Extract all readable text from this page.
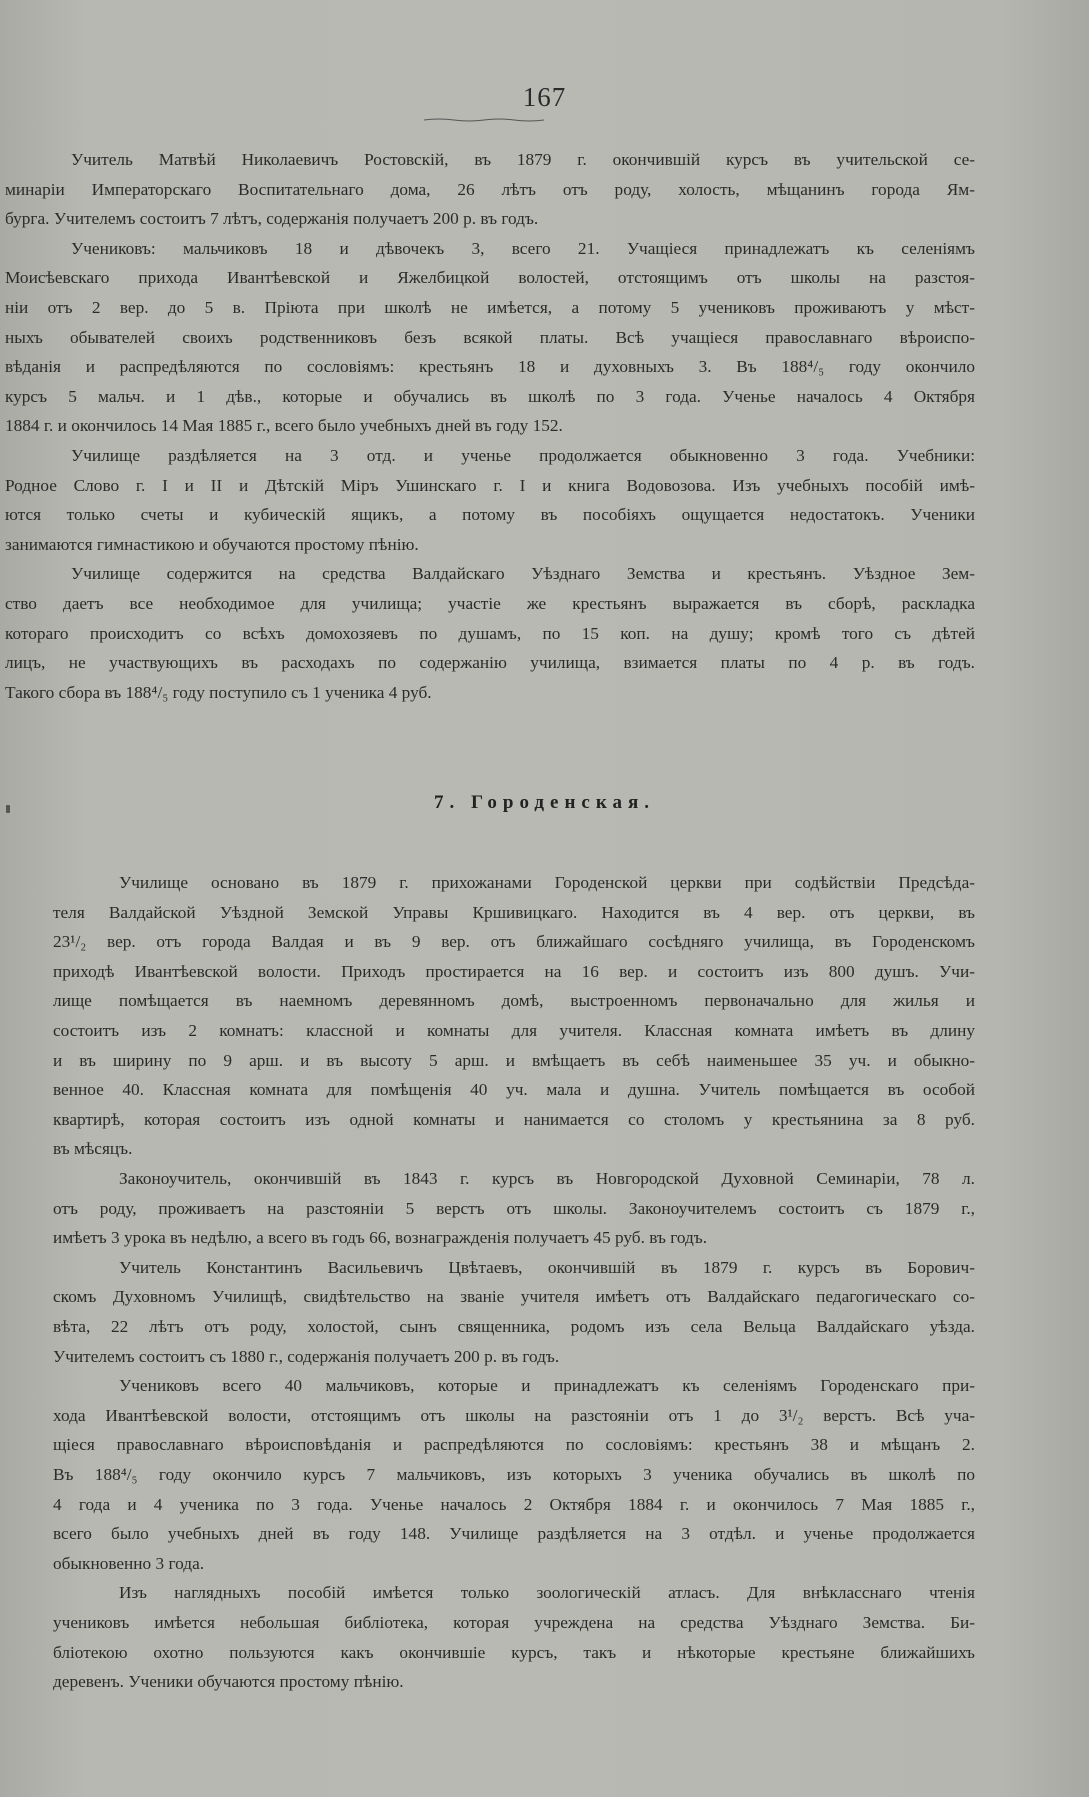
167
Учитель Матвѣй Николаевичъ Ростовскій, въ 1879 г. окончившій курсъ въ учительской се-
минаріи Императорскаго Воспитательнаго дома, 26 лѣтъ отъ роду, холость, мѣщанинъ города Ям-
бурга. Учителемъ состоитъ 7 лѣтъ, содержанія получаетъ 200 р. въ годъ.
Учениковъ: мальчиковъ 18 и дѣвочекъ 3, всего 21. Учащіеся принадлежатъ къ селеніямъ
Моисѣевскаго прихода Ивантѣевской и Яжелбицкой волостей, отстоящимъ отъ школы на разстоя-
ніи отъ 2 вер. до 5 в. Пріюта при школѣ не имѣется, а потому 5 учениковъ проживаютъ у мѣст-
ныхъ обывателей своихъ родственниковъ безъ всякой платы. Всѣ учащіеся православнаго вѣроиспо-
вѣданія и распредѣляются по сословіямъ: крестьянъ 18 и духовныхъ 3. Въ 188⁴/₅ году окончило
курсъ 5 мальч. и 1 дѣв., которые и обучались въ школѣ по 3 года. Ученье началось 4 Октября
1884 г. и окончилось 14 Мая 1885 г., всего было учебныхъ дней въ году 152.
Училище раздѣляется на 3 отд. и ученье продолжается обыкновенно 3 года. Учебники:
Родное Слово г. I и II и Дѣтскій Міръ Ушинскаго г. I и книга Водовозова. Изъ учебныхъ пособій имѣ-
ются только счеты и кубическій ящикъ, а потому въ пособіяхъ ощущается недостатокъ. Ученики
занимаются гимнастикою и обучаются простому пѣнію.
Училище содержится на средства Валдайскаго Уѣзднаго Земства и крестьянъ. Уѣздное Зем-
ство даетъ все необходимое для училища; участіе же крестьянъ выражается въ сборѣ, раскладка
котораго происходитъ со всѣхъ домохозяевъ по душамъ, по 15 коп. на душу; кромѣ того съ дѣтей
лицъ, не участвующихъ въ расходахъ по содержанію училища, взимается платы по 4 р. въ годъ.
Такого сбора въ 188⁴/₅ году поступило съ 1 ученика 4 руб.
7. Городенская.
Училище основано въ 1879 г. прихожанами Городенской церкви при содѣйствіи Предсѣда-
теля Валдайской Уѣздной Земской Управы Кршивицкаго. Находится въ 4 вер. отъ церкви, въ
23¹/₂ вер. отъ города Валдая и въ 9 вер. отъ ближайшаго сосѣдняго училища, въ Городенскомъ
приходѣ Ивантѣевской волости. Приходъ простирается на 16 вер. и состоитъ изъ 800 душъ. Учи-
лище помѣщается въ наемномъ деревянномъ домѣ, выстроенномъ первоначально для жилья и
состоитъ изъ 2 комнатъ: классной и комнаты для учителя. Классная комната имѣетъ въ длину
и въ ширину по 9 арш. и въ высоту 5 арш. и вмѣщаетъ въ себѣ наименьшее 35 уч. и обыкно-
венное 40. Классная комната для помѣщенія 40 уч. мала и душна. Учитель помѣщается въ особой
квартирѣ, которая состоитъ изъ одной комнаты и нанимается со столомъ у крестьянина за 8 руб.
въ мѣсяцъ.
Законоучитель, окончившій въ 1843 г. курсъ въ Новгородской Духовной Семинаріи, 78 л.
отъ роду, проживаетъ на разстояніи 5 верстъ отъ школы. Законоучителемъ состоитъ съ 1879 г.,
имѣетъ 3 урока въ недѣлю, а всего въ годъ 66, вознагражденія получаетъ 45 руб. въ годъ.
Учитель Константинъ Васильевичъ Цвѣтаевъ, окончившій въ 1879 г. курсъ въ Борович-
скомъ Духовномъ Училищѣ, свидѣтельство на званіе учителя имѣетъ отъ Валдайскаго педагогическаго со-
вѣта, 22 лѣтъ отъ роду, холостой, сынъ священника, родомъ изъ села Вельца Валдайскаго уѣзда.
Учителемъ состоитъ съ 1880 г., содержанія получаетъ 200 р. въ годъ.
Учениковъ всего 40 мальчиковъ, которые и принадлежатъ къ селеніямъ Городенскаго при-
хода Ивантѣевской волости, отстоящимъ отъ школы на разстояніи отъ 1 до 3¹/₂ верстъ. Всѣ уча-
щіеся православнаго вѣроисповѣданія и распредѣляются по сословіямъ: крестьянъ 38 и мѣщанъ 2.
Въ 188⁴/₅ году окончило курсъ 7 мальчиковъ, изъ которыхъ 3 ученика обучались въ школѣ по
4 года и 4 ученика по 3 года. Ученье началось 2 Октября 1884 г. и окончилось 7 Мая 1885 г.,
всего было учебныхъ дней въ году 148. Училище раздѣляется на 3 отдѣл. и ученье продолжается
обыкновенно 3 года.
Изъ наглядныхъ пособій имѣется только зоологическій атласъ. Для внѣкласснаго чтенія
учениковъ имѣется небольшая библіотека, которая учреждена на средства Уѣзднаго Земства. Би-
бліотекою охотно пользуются какъ окончившіе курсъ, такъ и нѣкоторые крестьяне ближайшихъ
деревенъ. Ученики обучаются простому пѣнію.
